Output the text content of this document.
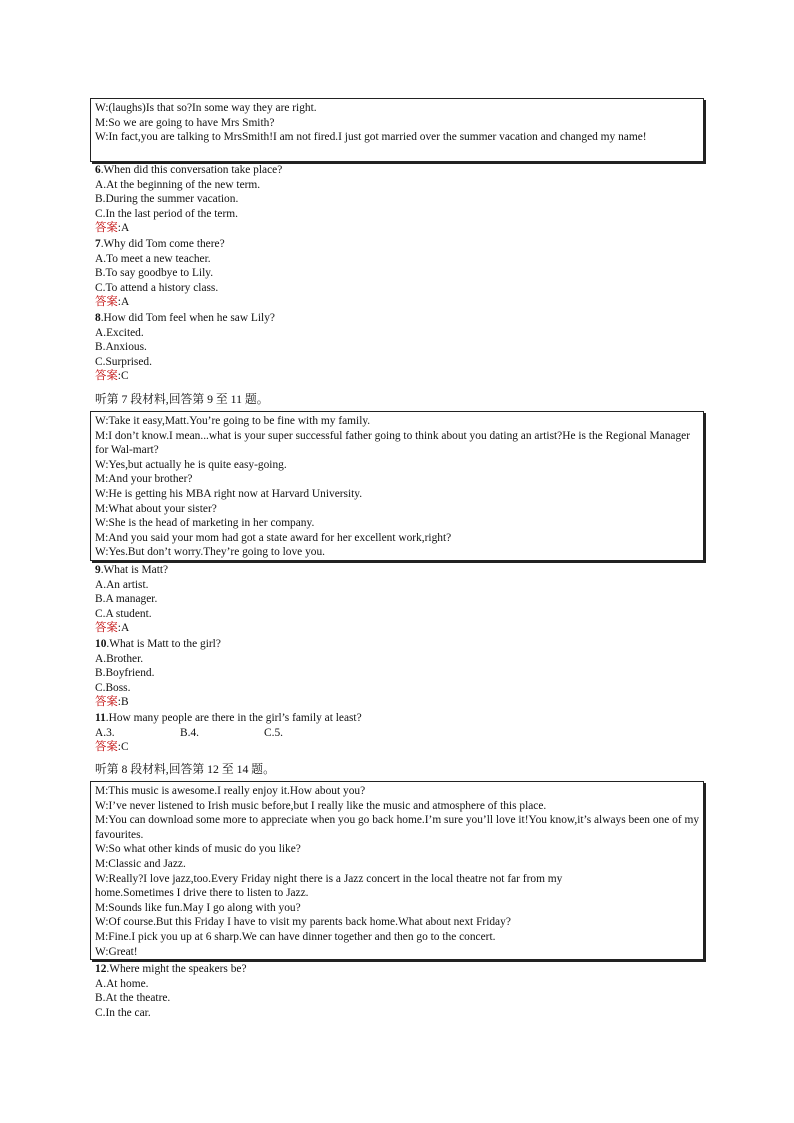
W:(laughs)Is that so?In some way they are right.
M:So we are going to have Mrs Smith?
W:In fact,you are talking to MrsSmith!I am not fired.I just got married over the summer vacation and changed my name!
6.When did this conversation take place?
A.At the beginning of the new term.
B.During the summer vacation.
C.In the last period of the term.
答案:A
7.Why did Tom come there?
A.To meet a new teacher.
B.To say goodbye to Lily.
C.To attend a history class.
答案:A
8.How did Tom feel when he saw Lily?
A.Excited.
B.Anxious.
C.Surprised.
答案:C
听第 7 段材料,回答第 9 至 11 题。
W:Take it easy,Matt.You’re going to be fine with my family.
M:I don’t know.I mean...what is your super successful father going to think about you dating an artist?He is the Regional Manager for Wal-mart?
W:Yes,but actually he is quite easy-going.
M:And your brother?
W:He is getting his MBA right now at Harvard University.
M:What about your sister?
W:She is the head of marketing in her company.
M:And you said your mom had got a state award for her excellent work,right?
W:Yes.But don’t worry.They’re going to love you.
9.What is Matt?
A.An artist.
B.A manager.
C.A student.
答案:A
10.What is Matt to the girl?
A.Brother.
B.Boyfriend.
C.Boss.
答案:B
11.How many people are there in the girl’s family at least?
A.3.	B.4.	C.5.
答案:C
听第 8 段材料,回答第 12 至 14 题。
M:This music is awesome.I really enjoy it.How about you?
W:I’ve never listened to Irish music before,but I really like the music and atmosphere of this place.
M:You can download some more to appreciate when you go back home.I’m sure you’ll love it!You know,it’s always been one of my favourites.
W:So what other kinds of music do you like?
M:Classic and Jazz.
W:Really?I love jazz,too.Every Friday night there is a Jazz concert in the local theatre not far from my home.Sometimes I drive there to listen to Jazz.
M:Sounds like fun.May I go along with you?
W:Of course.But this Friday I have to visit my parents back home.What about next Friday?
M:Fine.I pick you up at 6 sharp.We can have dinner together and then go to the concert.
W:Great!
12.Where might the speakers be?
A.At home.
B.At the theatre.
C.In the car.
